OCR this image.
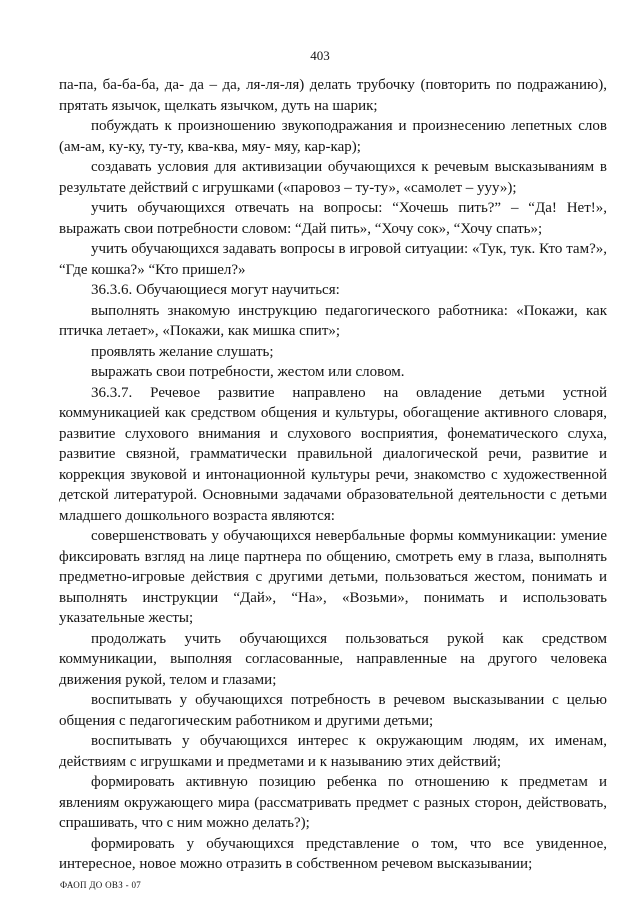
403

па-па, ба-ба-ба, да- да – да, ля-ля-ля) делать трубочку (повторить по подражанию), прятать язычок, щелкать язычком, дуть на шарик;

побуждать к произношению звукоподражания и произнесению лепетных слов (ам-ам, ку-ку, ту-ту, ква-ква, мяу- мяу, кар-кар);

создавать условия для активизации обучающихся к речевым высказываниям в результате действий с игрушками («паровоз – ту-ту», «самолет – ууу»);

учить обучающихся отвечать на вопросы: “Хочешь пить?” – “Да! Нет!», выражать свои потребности словом: “Дай пить», “Хочу сок», “Хочу спать»;

учить обучающихся задавать вопросы в игровой ситуации: «Тук, тук. Кто там?», “Где кошка?» “Кто пришел?»

36.3.6. Обучающиеся могут научиться:

выполнять знакомую инструкцию педагогического работника: «Покажи, как птичка летает», «Покажи, как мишка спит»;

проявлять желание слушать;

выражать свои потребности, жестом или словом.

36.3.7. Речевое развитие направлено на овладение детьми устной коммуникацией как средством общения и культуры, обогащение активного словаря, развитие слухового внимания и слухового восприятия, фонематического слуха, развитие связной, грамматически правильной диалогической речи, развитие и коррекция звуковой и интонационной культуры речи, знакомство с художественной детской литературой. Основными задачами образовательной деятельности с детьми младшего дошкольного возраста являются:

совершенствовать у обучающихся невербальные формы коммуникации: умение фиксировать взгляд на лице партнера по общению, смотреть ему в глаза, выполнять предметно-игровые действия с другими детьми, пользоваться жестом, понимать и выполнять инструкции “Дай», “На», «Возьми», понимать и использовать указательные жесты;

продолжать учить обучающихся пользоваться рукой как средством коммуникации, выполняя согласованные, направленные на другого человека движения рукой, телом и глазами;

воспитывать у обучающихся потребность в речевом высказывании с целью общения с педагогическим работником и другими детьми;

воспитывать у обучающихся интерес к окружающим людям, их именам, действиям с игрушками и предметами и к называнию этих действий;

формировать активную позицию ребенка по отношению к предметам и явлениям окружающего мира (рассматривать предмет с разных сторон, действовать, спрашивать, что с ним можно делать?);

формировать у обучающихся представление о том, что все увиденное, интересное, новое можно отразить в собственном речевом высказывании;

ФАОП ДО ОВЗ - 07
